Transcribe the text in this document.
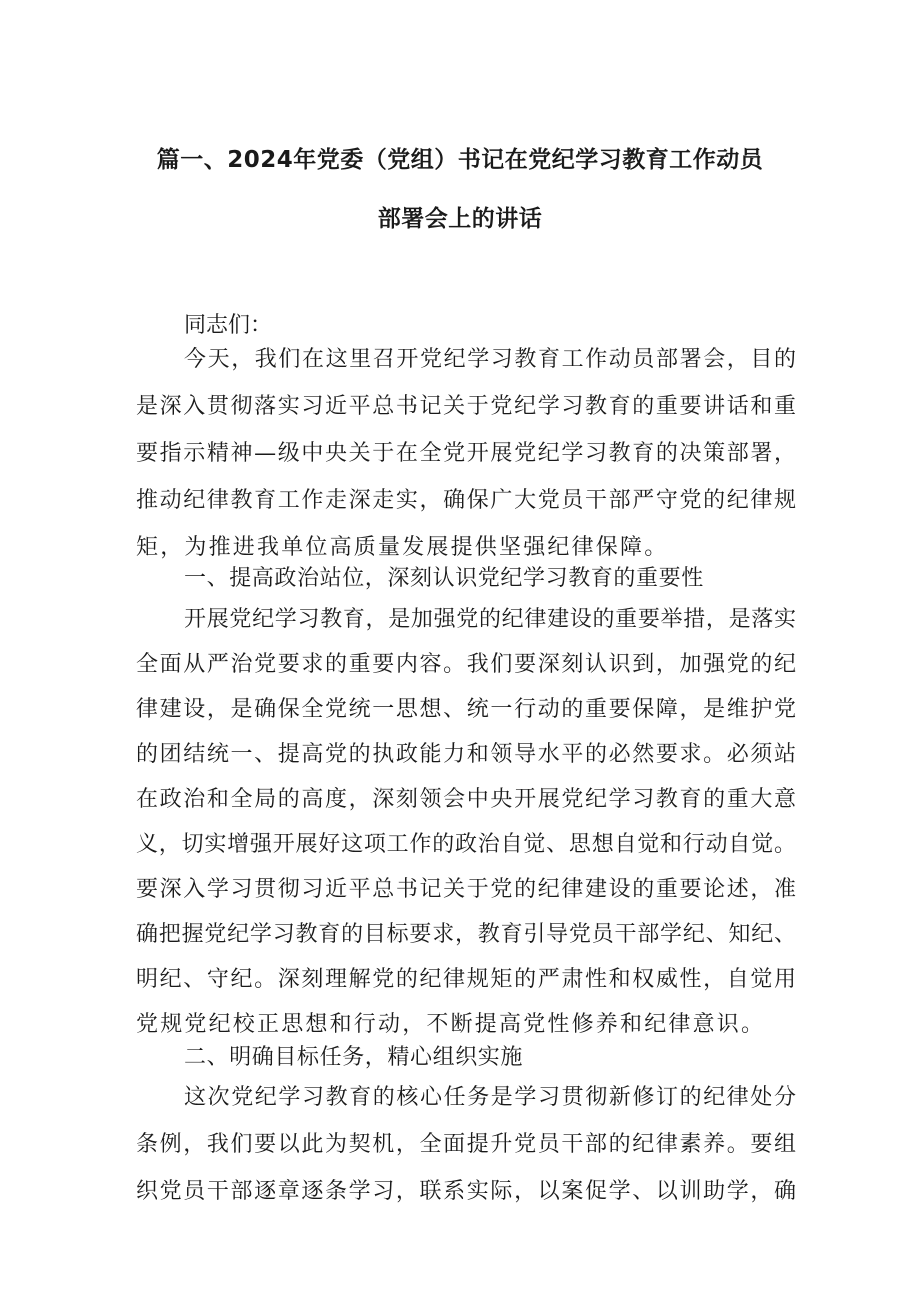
篇一、2024年党委（党组）书记在党纪学习教育工作动员
部署会上的讲话
同志们：
今天，我们在这里召开党纪学习教育工作动员部署会，目的
是深入贯彻落实习近平总书记关于党纪学习教育的重要讲话和重
要指示精神—级中央关于在全党开展党纪学习教育的决策部署，
推动纪律教育工作走深走实，确保广大党员干部严守党的纪律规
矩，为推进我单位高质量发展提供坚强纪律保障。
一、提高政治站位，深刻认识党纪学习教育的重要性
开展党纪学习教育，是加强党的纪律建设的重要举措，是落实
全面从严治党要求的重要内容。我们要深刻认识到，加强党的纪
律建设，是确保全党统一思想、统一行动的重要保障，是维护党
的团结统一、提高党的执政能力和领导水平的必然要求。必须站
在政治和全局的高度，深刻领会中央开展党纪学习教育的重大意
义，切实增强开展好这项工作的政治自觉、思想自觉和行动自觉。
要深入学习贯彻习近平总书记关于党的纪律建设的重要论述，准
确把握党纪学习教育的目标要求，教育引导党员干部学纪、知纪、
明纪、守纪。深刻理解党的纪律规矩的严肃性和权威性，自觉用
党规党纪校正思想和行动，不断提高党性修养和纪律意识。
二、明确目标任务，精心组织实施
这次党纪学习教育的核心任务是学习贯彻新修订的纪律处分
条例，我们要以此为契机，全面提升党员干部的纪律素养。要组
织党员干部逐章逐条学习，联系实际，以案促学、以训助学，确
